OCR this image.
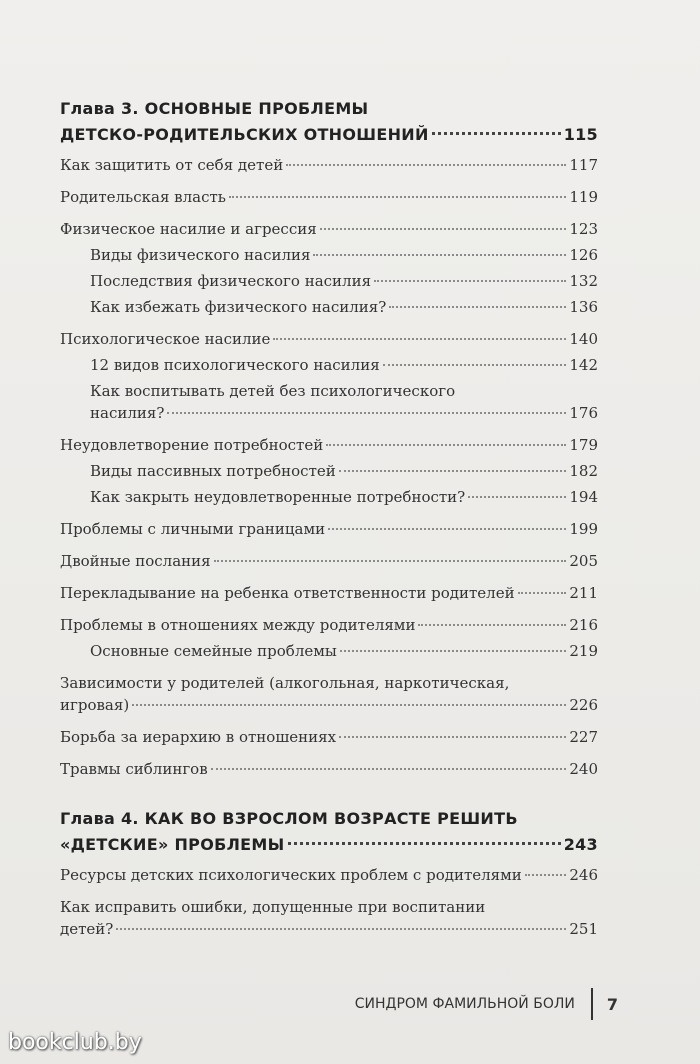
Глава 3. ОСНОВНЫЕ ПРОБЛЕМЫ
ДЕТСКО-РОДИТЕЛЬСКИХ ОТНОШЕНИЙ	115
Как защитить от себя детей	117
Родительская власть	119
Физическое насилие и агрессия	123
Виды физического насилия	126
Последствия физического насилия	132
Как избежать физического насилия?	136
Психологическое насилие	140
12 видов психологического насилия	142
Как воспитывать детей без психологического
насилия?	176
Неудовлетворение потребностей	179
Виды пассивных потребностей	182
Как закрыть неудовлетворенные потребности?	194
Проблемы с личными границами	199
Двойные послания	205
Перекладывание на ребенка ответственности родителей	211
Проблемы в отношениях между родителями	216
Основные семейные проблемы	219
Зависимости у родителей (алкогольная, наркотическая,
игровая)	226
Борьба за иерархию в отношениях	227
Травмы сиблингов	240
Глава 4. КАК ВО ВЗРОСЛОМ ВОЗРАСТЕ РЕШИТЬ
«ДЕТСКИЕ» ПРОБЛЕМЫ	243
Ресурсы детских психологических проблем с родителями	246
Как исправить ошибки, допущенные при воспитании
детей?	251
СИНДРОМ ФАМИЛЬНОЙ БОЛИ 7
bookclub.by
